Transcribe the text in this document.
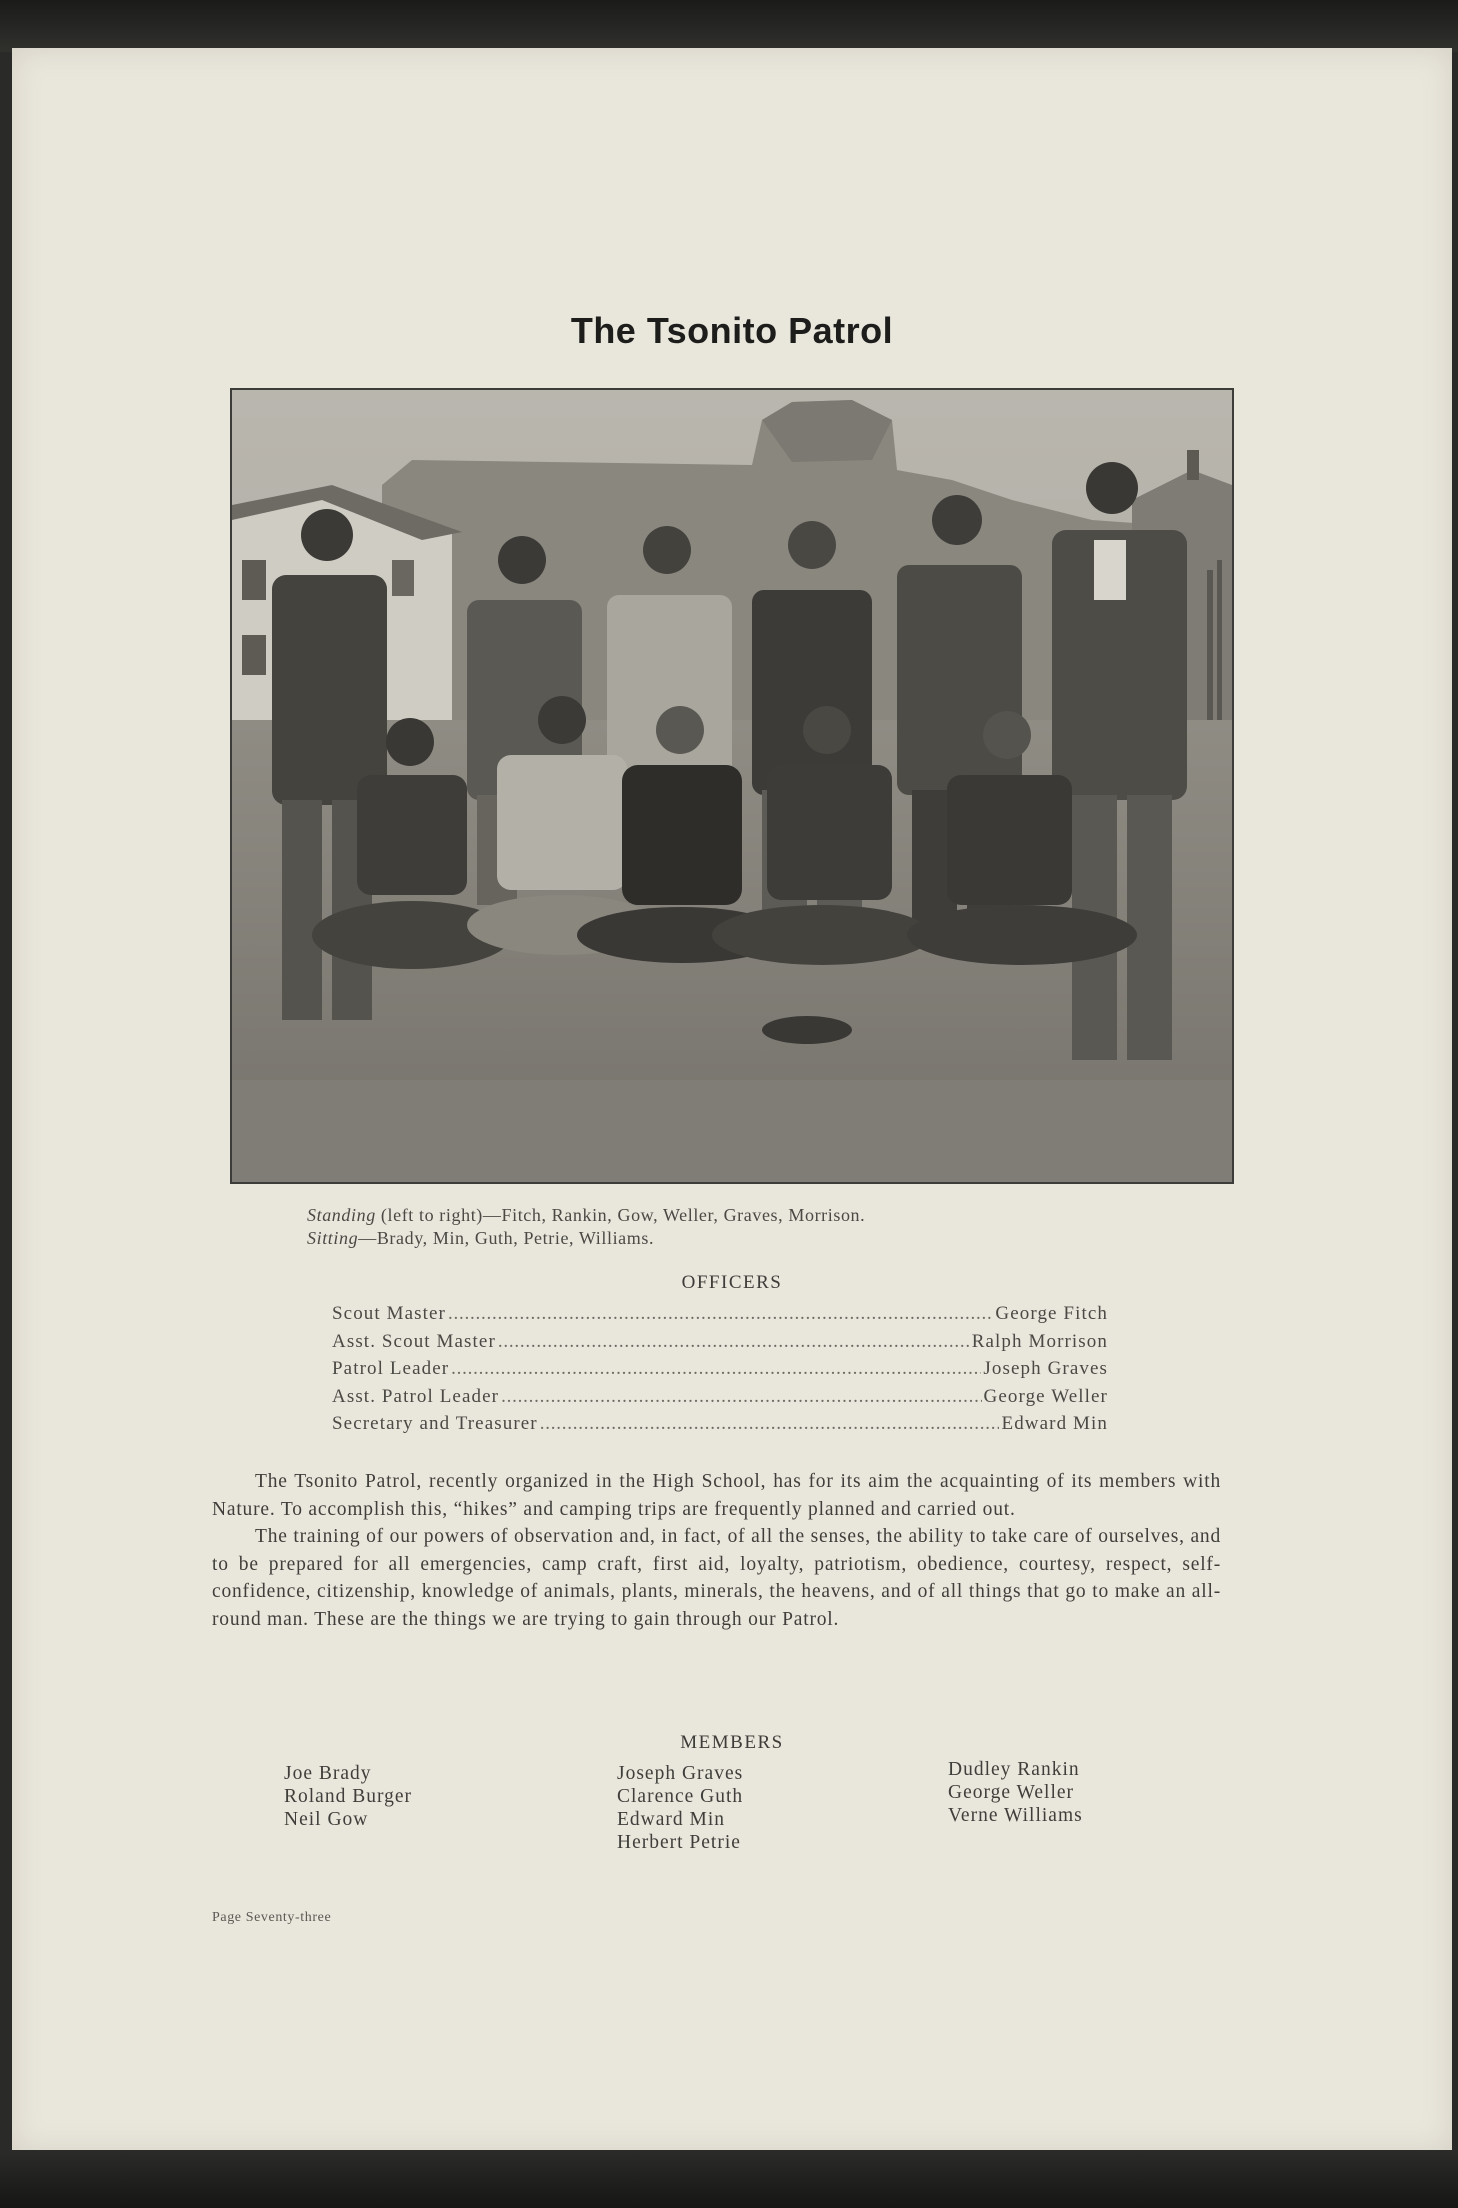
The Tsonito Patrol
Standing (left to right)—Fitch, Rankin, Gow, Weller, Graves, Morrison.
Sitting—Brady, Min, Guth, Petrie, Williams.
OFFICERS
Scout Master . . .	George Fitch
Asst. Scout Master . . .	Ralph Morrison
Patrol Leader . . .	Joseph Graves
Asst. Patrol Leader . . .	George Weller
Secretary and Treasurer . . .	Edward Min

The Tsonito Patrol, recently organized in the High School, has for its aim the acquainting of its members with Nature. To accomplish this, “hikes” and camping trips are frequently planned and carried out.

The training of our powers of observation and, in fact, of all the senses, the ability to take care of ourselves, and to be prepared for all emergencies, camp craft, first aid, loyalty, patriotism, obedience, courtesy, respect, self-confidence, citizenship, knowledge of animals, plants, minerals, the heavens, and of all things that go to make an all-round man. These are the things we are trying to gain through our Patrol.

MEMBERS
Joe Brady
Roland Burger
Neil Gow
Joseph Graves
Clarence Guth
Edward Min
Herbert Petrie
Dudley Rankin
George Weller
Verne Williams
Page Seventy-three
